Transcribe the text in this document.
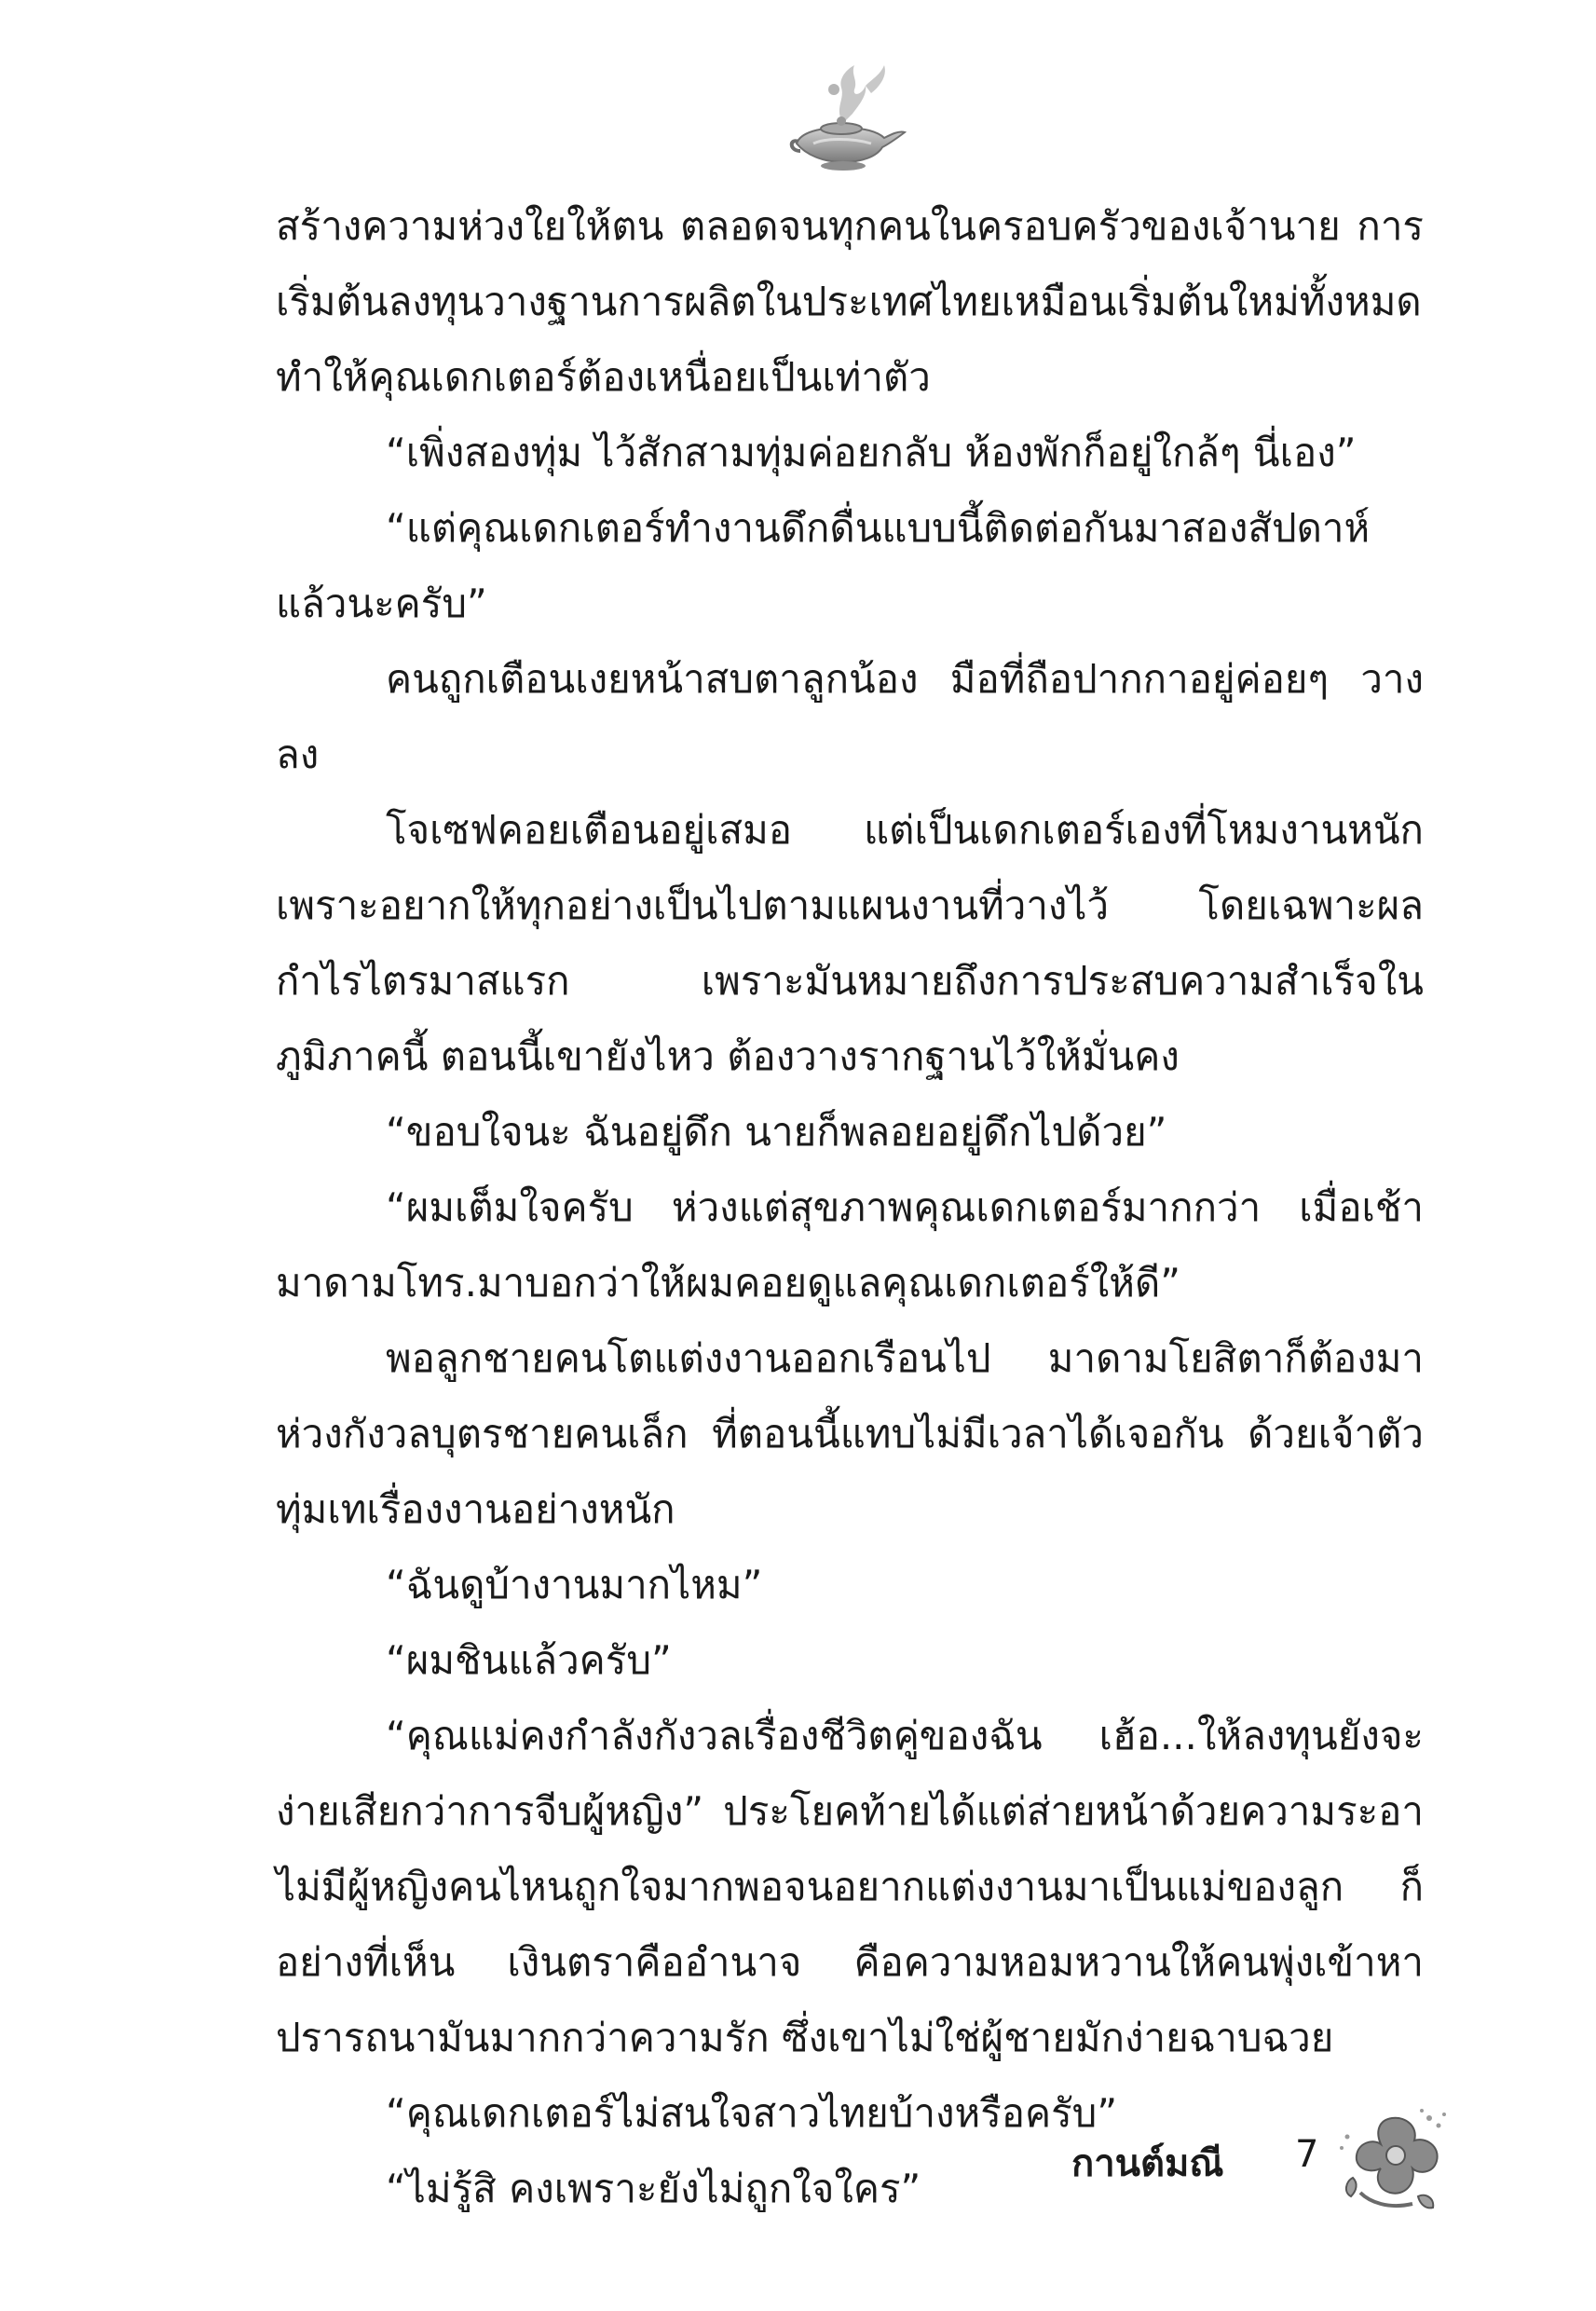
สร้างความห่วงใยให้ตน ตลอดจนทุกคนในครอบครัวของเจ้านาย การเริ่มต้นลงทุนวางฐานการผลิตในประเทศไทยเหมือนเริ่มต้นใหม่ทั้งหมด ทำให้คุณเดกเตอร์ต้องเหนื่อยเป็นเท่าตัว

“เพิ่งสองทุ่ม ไว้สักสามทุ่มค่อยกลับ ห้องพักก็อยู่ใกล้ๆ นี่เอง”

“แต่คุณเดกเตอร์ทำงานดึกดื่นแบบนี้ติดต่อกันมาสองสัปดาห์แล้วนะครับ”

คนถูกเตือนเงยหน้าสบตาลูกน้อง มือที่ถือปากกาอยู่ค่อยๆ วางลง

โจเซฟคอยเตือนอยู่เสมอ แต่เป็นเดกเตอร์เองที่โหมงานหนัก เพราะอยากให้ทุกอย่างเป็นไปตามแผนงานที่วางไว้ โดยเฉพาะผลกำไรไตรมาสแรก เพราะมันหมายถึงการประสบความสำเร็จในภูมิภาคนี้ ตอนนี้เขายังไหว ต้องวางรากฐานไว้ให้มั่นคง

“ขอบใจนะ ฉันอยู่ดึก นายก็พลอยอยู่ดึกไปด้วย”

“ผมเต็มใจครับ ห่วงแต่สุขภาพคุณเดกเตอร์มากกว่า เมื่อเช้ามาดามโทร.มาบอกว่าให้ผมคอยดูแลคุณเดกเตอร์ให้ดี”

พอลูกชายคนโตแต่งงานออกเรือนไป มาดามโยสิตาก็ต้องมาห่วงกังวลบุตรชายคนเล็ก ที่ตอนนี้แทบไม่มีเวลาได้เจอกัน ด้วยเจ้าตัวทุ่มเทเรื่องงานอย่างหนัก

“ฉันดูบ้างานมากไหม”

“ผมชินแล้วครับ”

“คุณแม่คงกำลังกังวลเรื่องชีวิตคู่ของฉัน เฮ้อ...ให้ลงทุนยังจะง่ายเสียกว่าการจีบผู้หญิง” ประโยคท้ายได้แต่ส่ายหน้าด้วยความระอา ไม่มีผู้หญิงคนไหนถูกใจมากพอจนอยากแต่งงานมาเป็นแม่ของลูก ก็อย่างที่เห็น เงินตราคืออำนาจ คือความหอมหวานให้คนพุ่งเข้าหา ปรารถนามันมากกว่าความรัก ซึ่งเขาไม่ใช่ผู้ชายมักง่ายฉาบฉวย

“คุณเดกเตอร์ไม่สนใจสาวไทยบ้างหรือครับ”

“ไม่รู้สิ คงเพราะยังไม่ถูกใจใคร”

กานต์มณี 7
